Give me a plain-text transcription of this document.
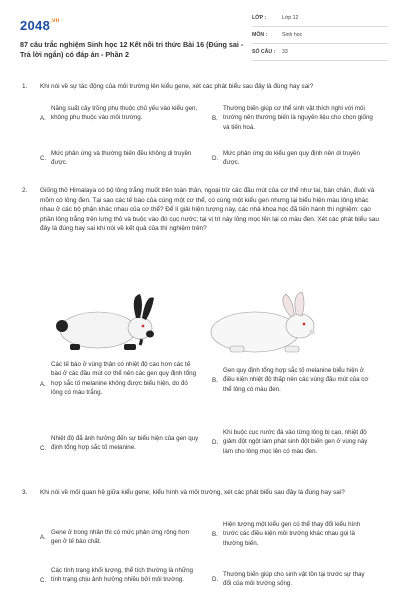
$2048^{.vn}$
87 câu trắc nghiệm Sinh học 12 Kết nối tri thức Bài 16 (Đúng sai - Trả lời ngắn) có đáp án - Phần 2
LỚP :	Lớp 12
MÔN :	Sinh học
SỐ CÂU : 33
1. Khi nói về sự tác động của môi trường lên kiểu gene, xét các phát biểu sau đây là đúng hay sai?
A.
Năng suất cây trồng phụ thuộc chủ yếu vào kiểu gen, không phụ thuộc vào môi trường.	B.
Thường biến giúp cơ thể sinh vật thích nghi với môi trường nên thường biến là nguyên liệu cho chọn giống và tiến hoá.
C.
Mức phản ứng và thường biến đều không di truyền được.
D.
Mức phản ứng do kiểu gen quy định nên di truyền được.
2. Giống thỏ Himalaya có bộ lông trắng muốt trên toàn thân, ngoại trừ các đầu mút của cơ thể như tai, bàn chân, đuôi và mõm có lông đen. Tại sao các tế bào của cùng một cơ thể, có cùng một kiểu gen nhưng lại biểu hiện màu lông khác nhau ở các bộ phận khác nhau của cơ thể? Để lí giải hiện tượng này, các nhà khoa học đã tiến hành thí nghiệm: cạo phần lông trắng trên lưng thỏ và buộc vào đó cục nước; tại vị trí này lông mọc lên lại có màu đen. Xét các phát biểu sau đây là đúng hay sai khi nói về kết quả của thí nghiệm trên?
A.
Các tế bào ở vùng thân có nhiệt độ cao hơn các tế bào ở các đầu mút cơ thể nên các gen quy định tổng hợp sắc tố melanine không được biểu hiện, do đó lông có màu trắng.
B.
Gen quy định tổng hợp sắc tố melanine biểu hiện ở điều kiện nhiệt độ thấp nên các vùng đầu mút của cơ thể lông có màu đen.
C.
Nhiệt độ đã ảnh hưởng đến sự biểu hiện của gen quy định tổng hợp sắc tố melanine.
D.
Khi buộc cục nước đá vào từng lông bị cạo, nhiệt độ giảm đột ngột làm phát sinh đột biến gen ở vùng này làm cho lông mọc lên có màu đen.
3. Khi nói về mối quan hệ giữa kiểu gene, kiểu hình và môi trường, xét các phát biểu sau đây là đúng hay sai?
A.
Gene ở trong nhân thì có mức phản ứng rộng hơn gen ở tế bào chất.
B.
Hiện tượng một kiểu gen có thể thay đổi kiểu hình trước các điều kiện môi trường khác nhau gọi là thường biến.
C.
Các tính trạng khối lượng, thể tích thường là những tính trạng chịu ảnh hưởng nhiều bởi môi trường.	D.
Thường biến giúp cho sinh vật tồn tại trước sự thay đổi của môi trường sống.
